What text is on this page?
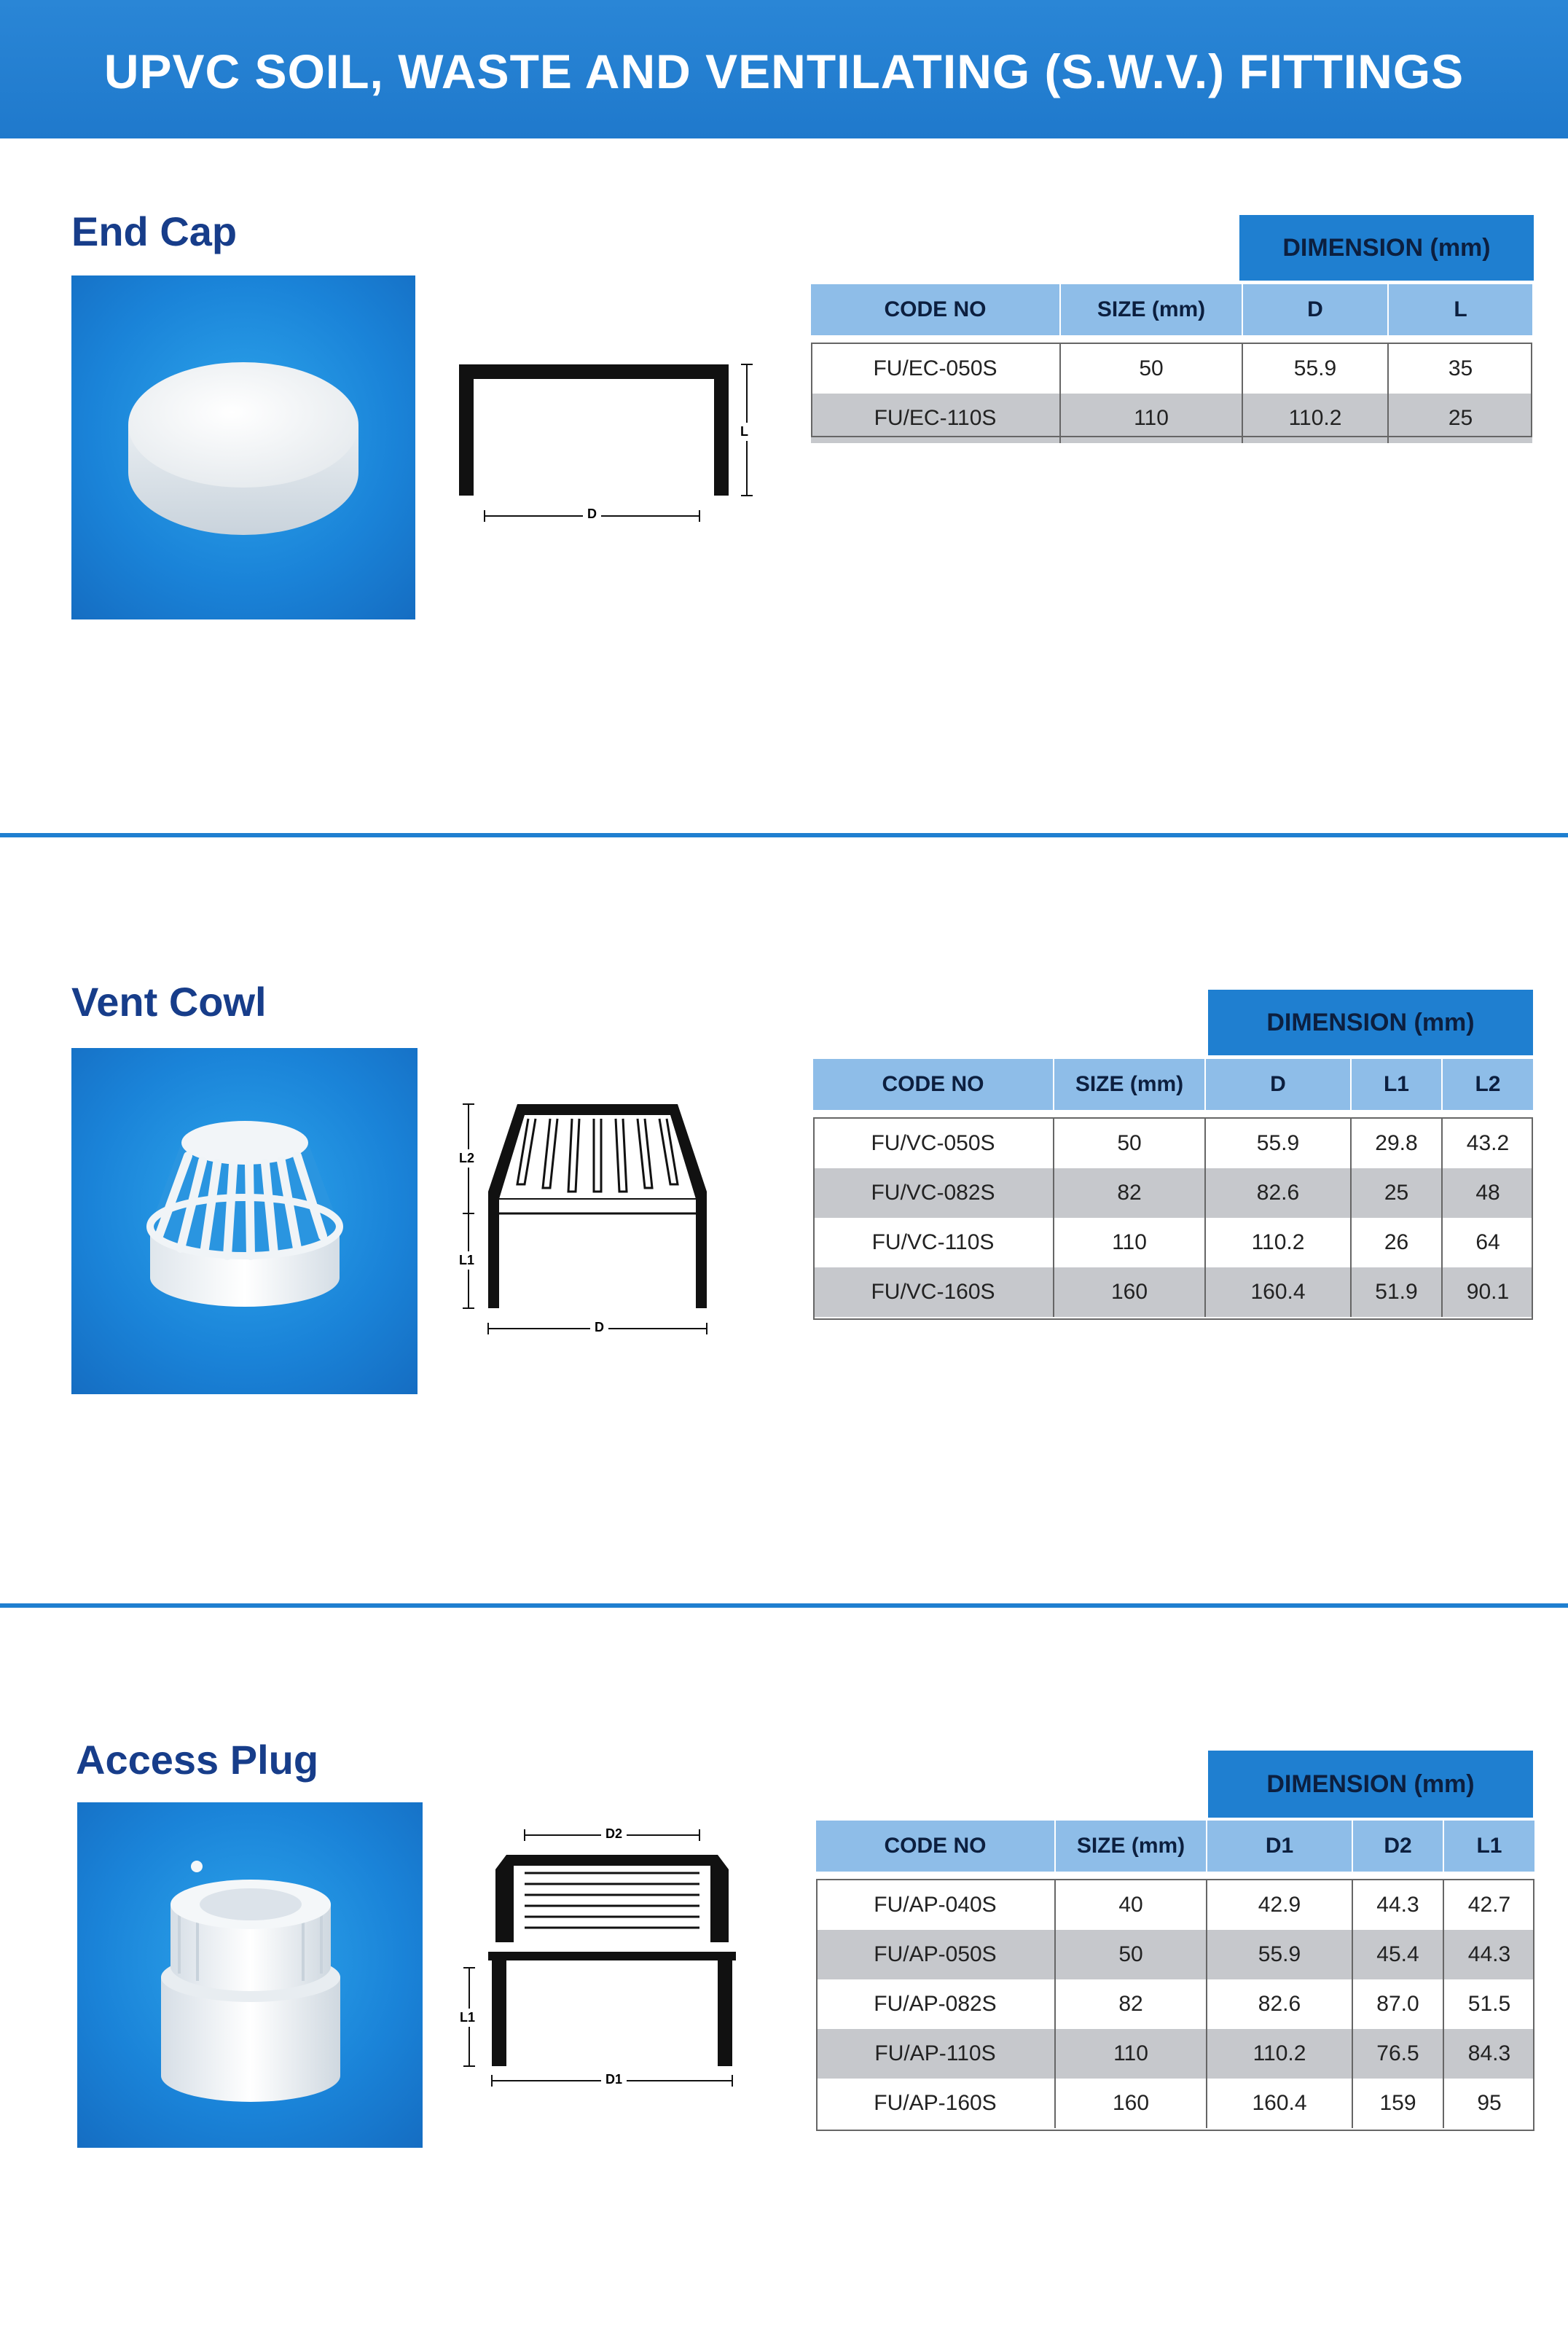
UPVC SOIL, WASTE AND VENTILATING (S.W.V.) FITTINGS
End Cap
D
L
DIMENSION (mm)
CODE NO	SIZE (mm)	D	L

FU/EC-050S	50	55.9	35
FU/EC-110S	110	110.2	25
Vent Cowl
L2
L1
D
DIMENSION (mm)
CODE NO	SIZE (mm)	D	L1	L2

FU/VC-050S	50	55.9	29.8	43.2
FU/VC-082S	82	82.6	25	48
FU/VC-110S	110	110.2	26	64
FU/VC-160S	160	160.4	51.9	90.1
Access Plug
D2
L1
D1
DIMENSION (mm)
CODE NO	SIZE (mm)	D1	D2	L1

FU/AP-040S	40	42.9	44.3	42.7
FU/AP-050S	50	55.9	45.4	44.3
FU/AP-082S	82	82.6	87.0	51.5
FU/AP-110S	110	110.2	76.5	84.3
FU/AP-160S	160	160.4	159	95
